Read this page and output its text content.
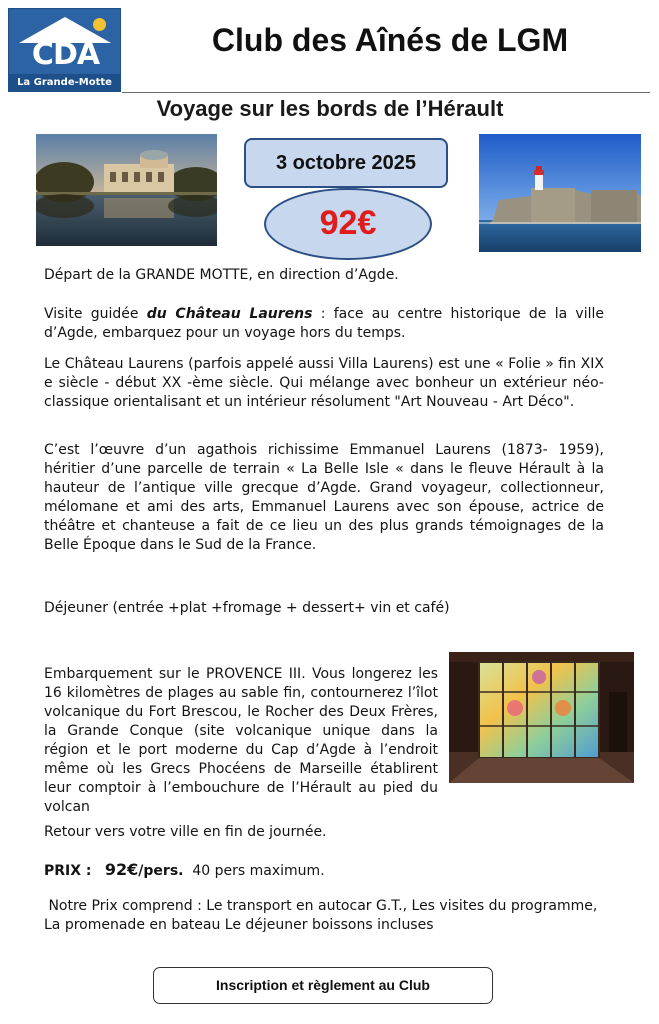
CDA
La Grande-Motte
Club des Aînés de LGM
Voyage sur les bords de l’Hérault
3 octobre 2025
92€
Départ de la GRANDE MOTTE, en direction d’Agde.
Visite guidée du Château Laurens : face au centre historique de la ville d’Agde, embarquez pour un voyage hors du temps.
Le Château Laurens (parfois appelé aussi Villa Laurens) est une « Folie » fin XIX e siècle - début XX -ème siècle. Qui mélange avec bonheur un extérieur néo-classique orientalisant et un intérieur résolument "Art Nouveau - Art Déco".
C’est l’œuvre d’un agathois richissime Emmanuel Laurens (1873- 1959), héritier d’une parcelle de terrain « La Belle Isle « dans le fleuve Hérault à la hauteur de l’antique ville grecque d’Agde. Grand voyageur, collectionneur, mélomane et ami des arts, Emmanuel Laurens avec son épouse, actrice de théâtre et chanteuse a fait de ce lieu un des plus grands témoignages de la Belle Époque dans le Sud de la France.
Déjeuner (entrée +plat +fromage + dessert+ vin et café)
Embarquement sur le PROVENCE III. Vous longerez les 16 kilomètres de plages au sable fin, contournerez l’îlot volcanique du Fort Brescou, le Rocher des Deux Frères, la Grande Conque (site volcanique unique dans la région et le port moderne du Cap d’Agde à l’endroit même où les Grecs Phocéens de Marseille établirent leur comptoir à l’embouchure de l’Hérault au pied du volcan
Retour vers votre ville en fin de journée.
PRIX : 92€/pers. 40 pers maximum.
Notre Prix comprend : Le transport en autocar G.T., Les visites du programme, La promenade en bateau Le déjeuner boissons incluses
Inscription et règlement au Club
